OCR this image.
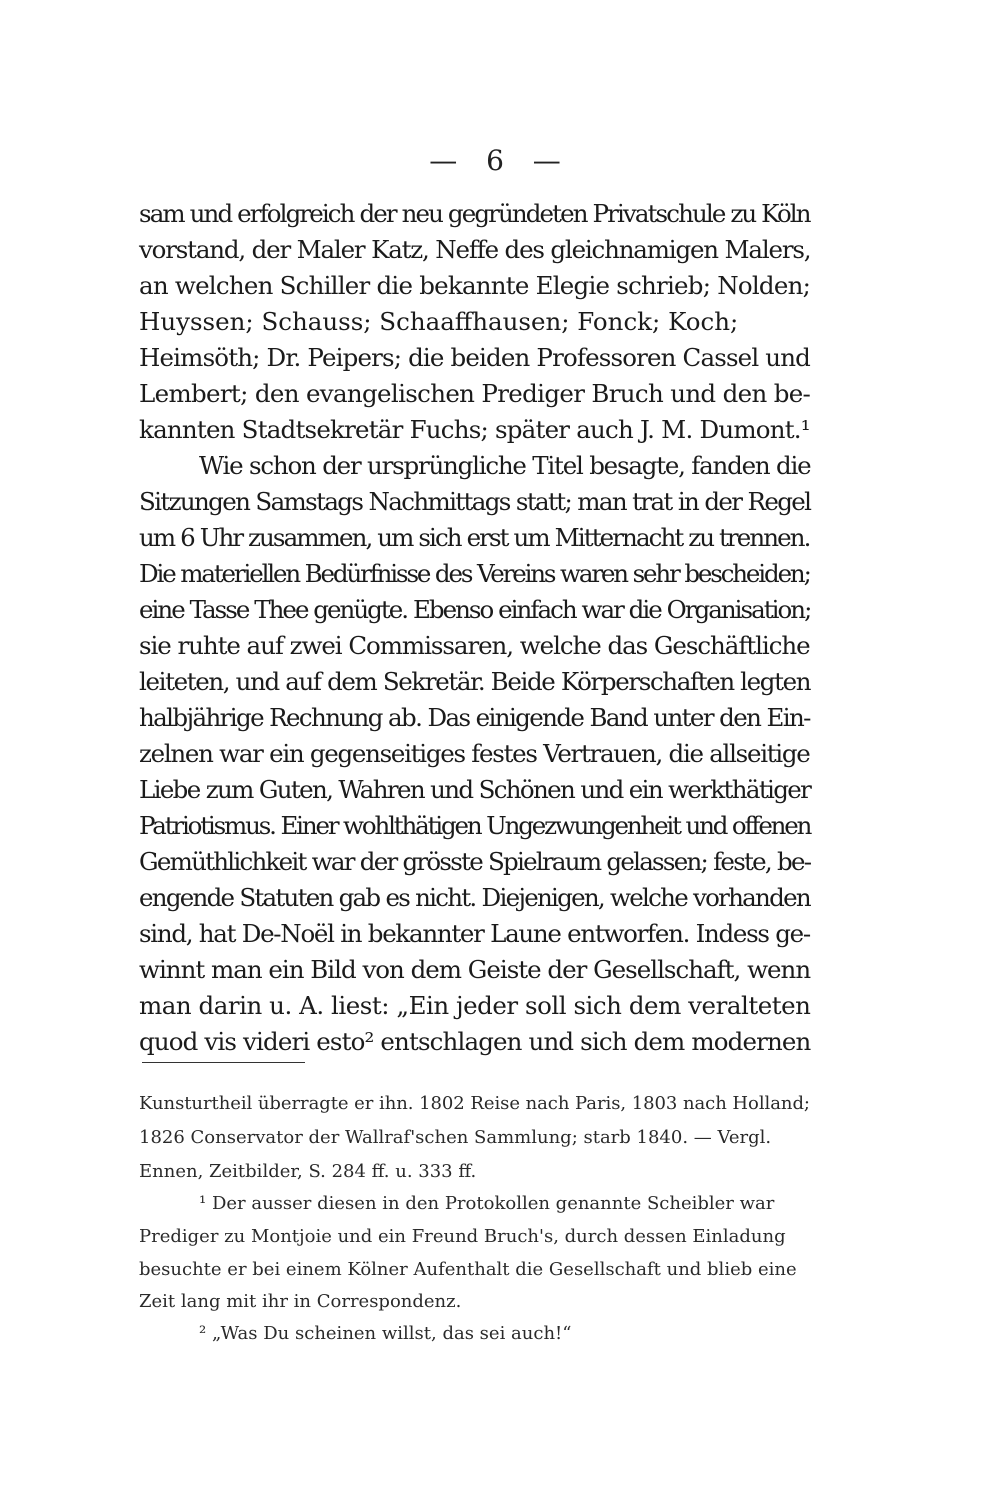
— 6 —
sam und erfolgreich der neu gegründeten Privatschule zu Köln
vorstand, der Maler Katz, Neffe des gleichnamigen Malers,
an welchen Schiller die bekannte Elegie schrieb; Nolden;
Huyssen; Schauss; Schaaffhausen; Fonck; Koch;
Heimsöth; Dr. Peipers; die beiden Professoren Cassel und
Lembert; den evangelischen Prediger Bruch und den be-
kannten Stadtsekretär Fuchs; später auch J. M. Dumont.¹
Wie schon der ursprüngliche Titel besagte, fanden die
Sitzungen Samstags Nachmittags statt; man trat in der Regel
um 6 Uhr zusammen, um sich erst um Mitternacht zu trennen.
Die materiellen Bedürfnisse des Vereins waren sehr bescheiden;
eine Tasse Thee genügte. Ebenso einfach war die Organisation;
sie ruhte auf zwei Commissaren, welche das Geschäftliche
leiteten, und auf dem Sekretär. Beide Körperschaften legten
halbjährige Rechnung ab. Das einigende Band unter den Ein-
zelnen war ein gegenseitiges festes Vertrauen, die allseitige
Liebe zum Guten, Wahren und Schönen und ein werkthätiger
Patriotismus. Einer wohlthätigen Ungezwungenheit und offenen
Gemüthlichkeit war der grösste Spielraum gelassen; feste, be-
engende Statuten gab es nicht. Diejenigen, welche vorhanden
sind, hat De-Noël in bekannter Laune entworfen. Indess ge-
winnt man ein Bild von dem Geiste der Gesellschaft, wenn
man darin u. A. liest: „Ein jeder soll sich dem veralteten
quod vis videri esto² entschlagen und sich dem modernen
Kunsturtheil überragte er ihn. 1802 Reise nach Paris, 1803 nach Holland;
1826 Conservator der Wallraf'schen Sammlung; starb 1840. — Vergl.
Ennen, Zeitbilder, S. 284 ff. u. 333 ff.
¹ Der ausser diesen in den Protokollen genannte Scheibler war
Prediger zu Montjoie und ein Freund Bruch's, durch dessen Einladung
besuchte er bei einem Kölner Aufenthalt die Gesellschaft und blieb eine
Zeit lang mit ihr in Correspondenz.
² „Was Du scheinen willst, das sei auch!“
